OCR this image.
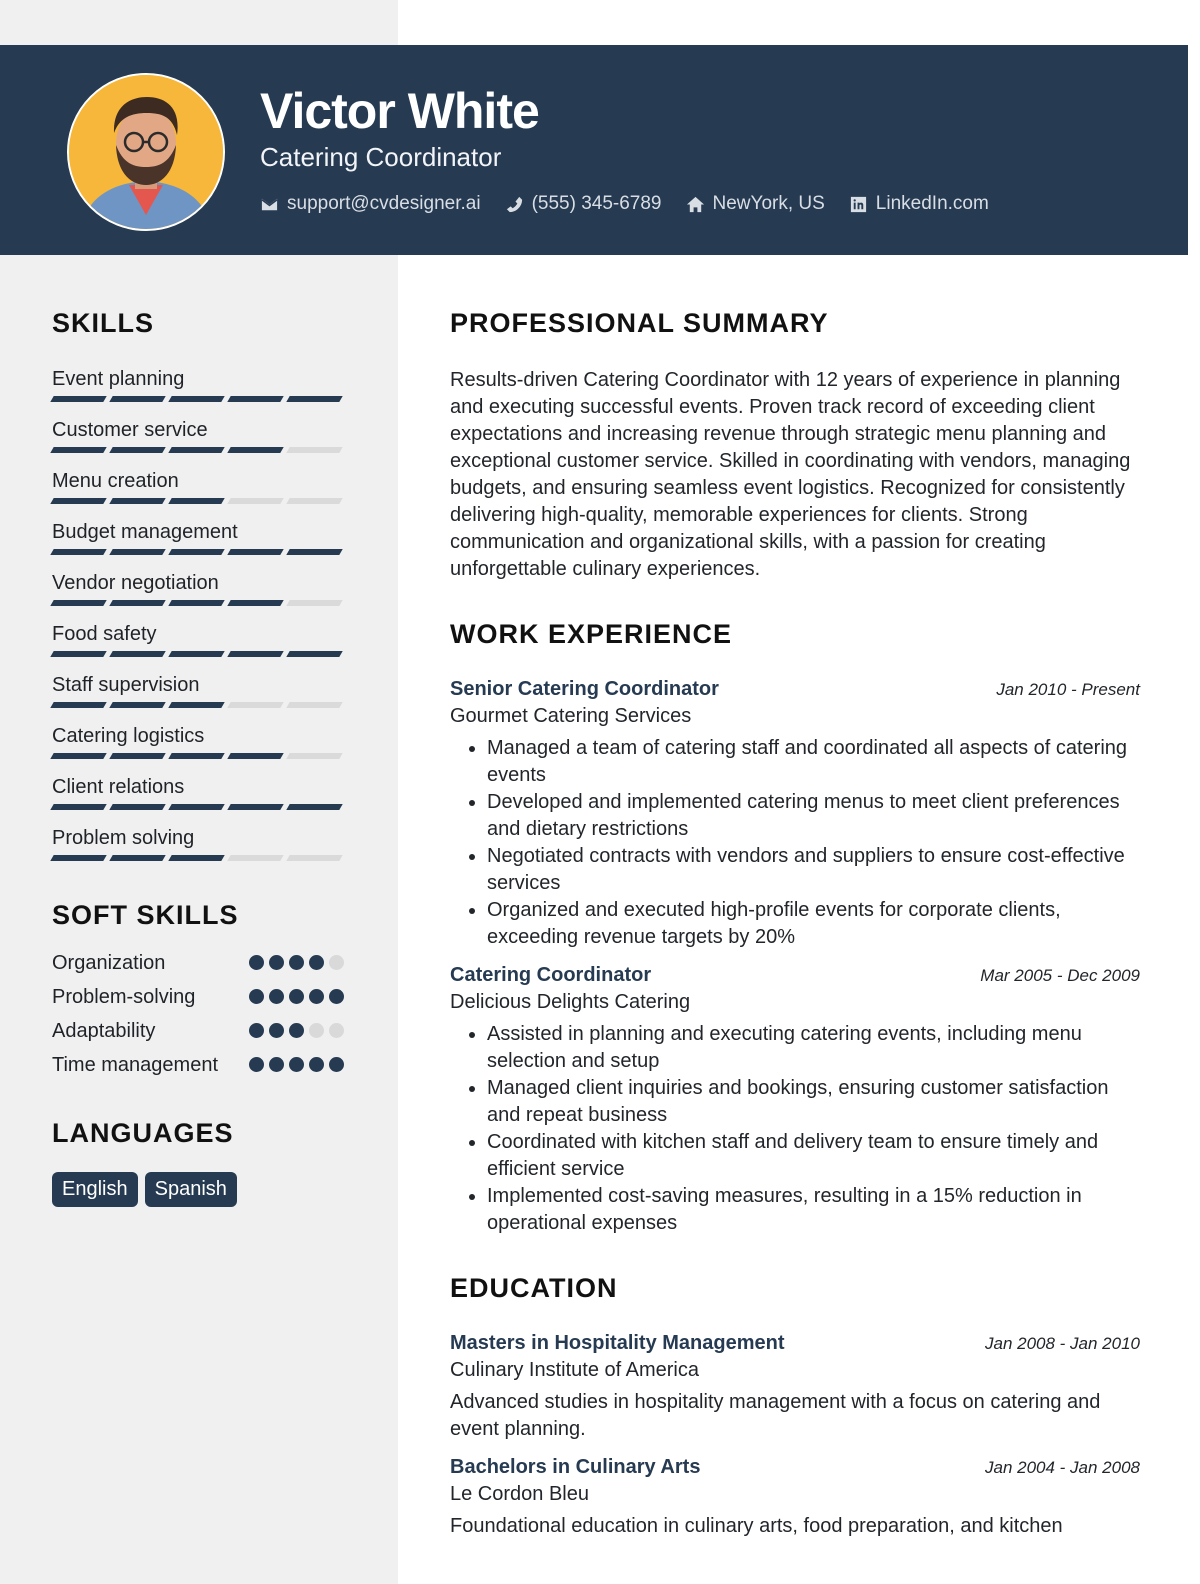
Victor White
Catering Coordinator
support@cvdesigner.ai	(555) 345-6789	NewYork, US	LinkedIn.com
SKILLS
Event planning
Customer service
Menu creation
Budget management
Vendor negotiation
Food safety
Staff supervision
Catering logistics
Client relations
Problem solving
SOFT SKILLS
Organization
Problem-solving
Adaptability
Time management
LANGUAGES
English	Spanish
PROFESSIONAL SUMMARY

Results-driven Catering Coordinator with 12 years of experience in planning and executing successful events. Proven track record of exceeding client expectations and increasing revenue through strategic menu planning and exceptional customer service. Skilled in coordinating with vendors, managing budgets, and ensuring seamless event logistics. Recognized for consistently delivering high-quality, memorable experiences for clients. Strong communication and organizational skills, with a passion for creating unforgettable culinary experiences.

WORK EXPERIENCE
Senior Catering Coordinator	Jan 2010 - Present
Gourmet Catering Services
• Managed a team of catering staff and coordinated all aspects of catering events
• Developed and implemented catering menus to meet client preferences and dietary restrictions
• Negotiated contracts with vendors and suppliers to ensure cost-effective services
• Organized and executed high-profile events for corporate clients, exceeding revenue targets by 20%
Catering Coordinator	Mar 2005 - Dec 2009
Delicious Delights Catering
• Assisted in planning and executing catering events, including menu selection and setup
• Managed client inquiries and bookings, ensuring customer satisfaction and repeat business
• Coordinated with kitchen staff and delivery team to ensure timely and efficient service
• Implemented cost-saving measures, resulting in a 15% reduction in operational expenses
EDUCATION
Masters in Hospitality Management	Jan 2008 - Jan 2010
Culinary Institute of America

Advanced studies in hospitality management with a focus on catering and event planning.

Bachelors in Culinary Arts	Jan 2004 - Jan 2008
Le Cordon Bleu

Foundational education in culinary arts, food preparation, and kitchen
